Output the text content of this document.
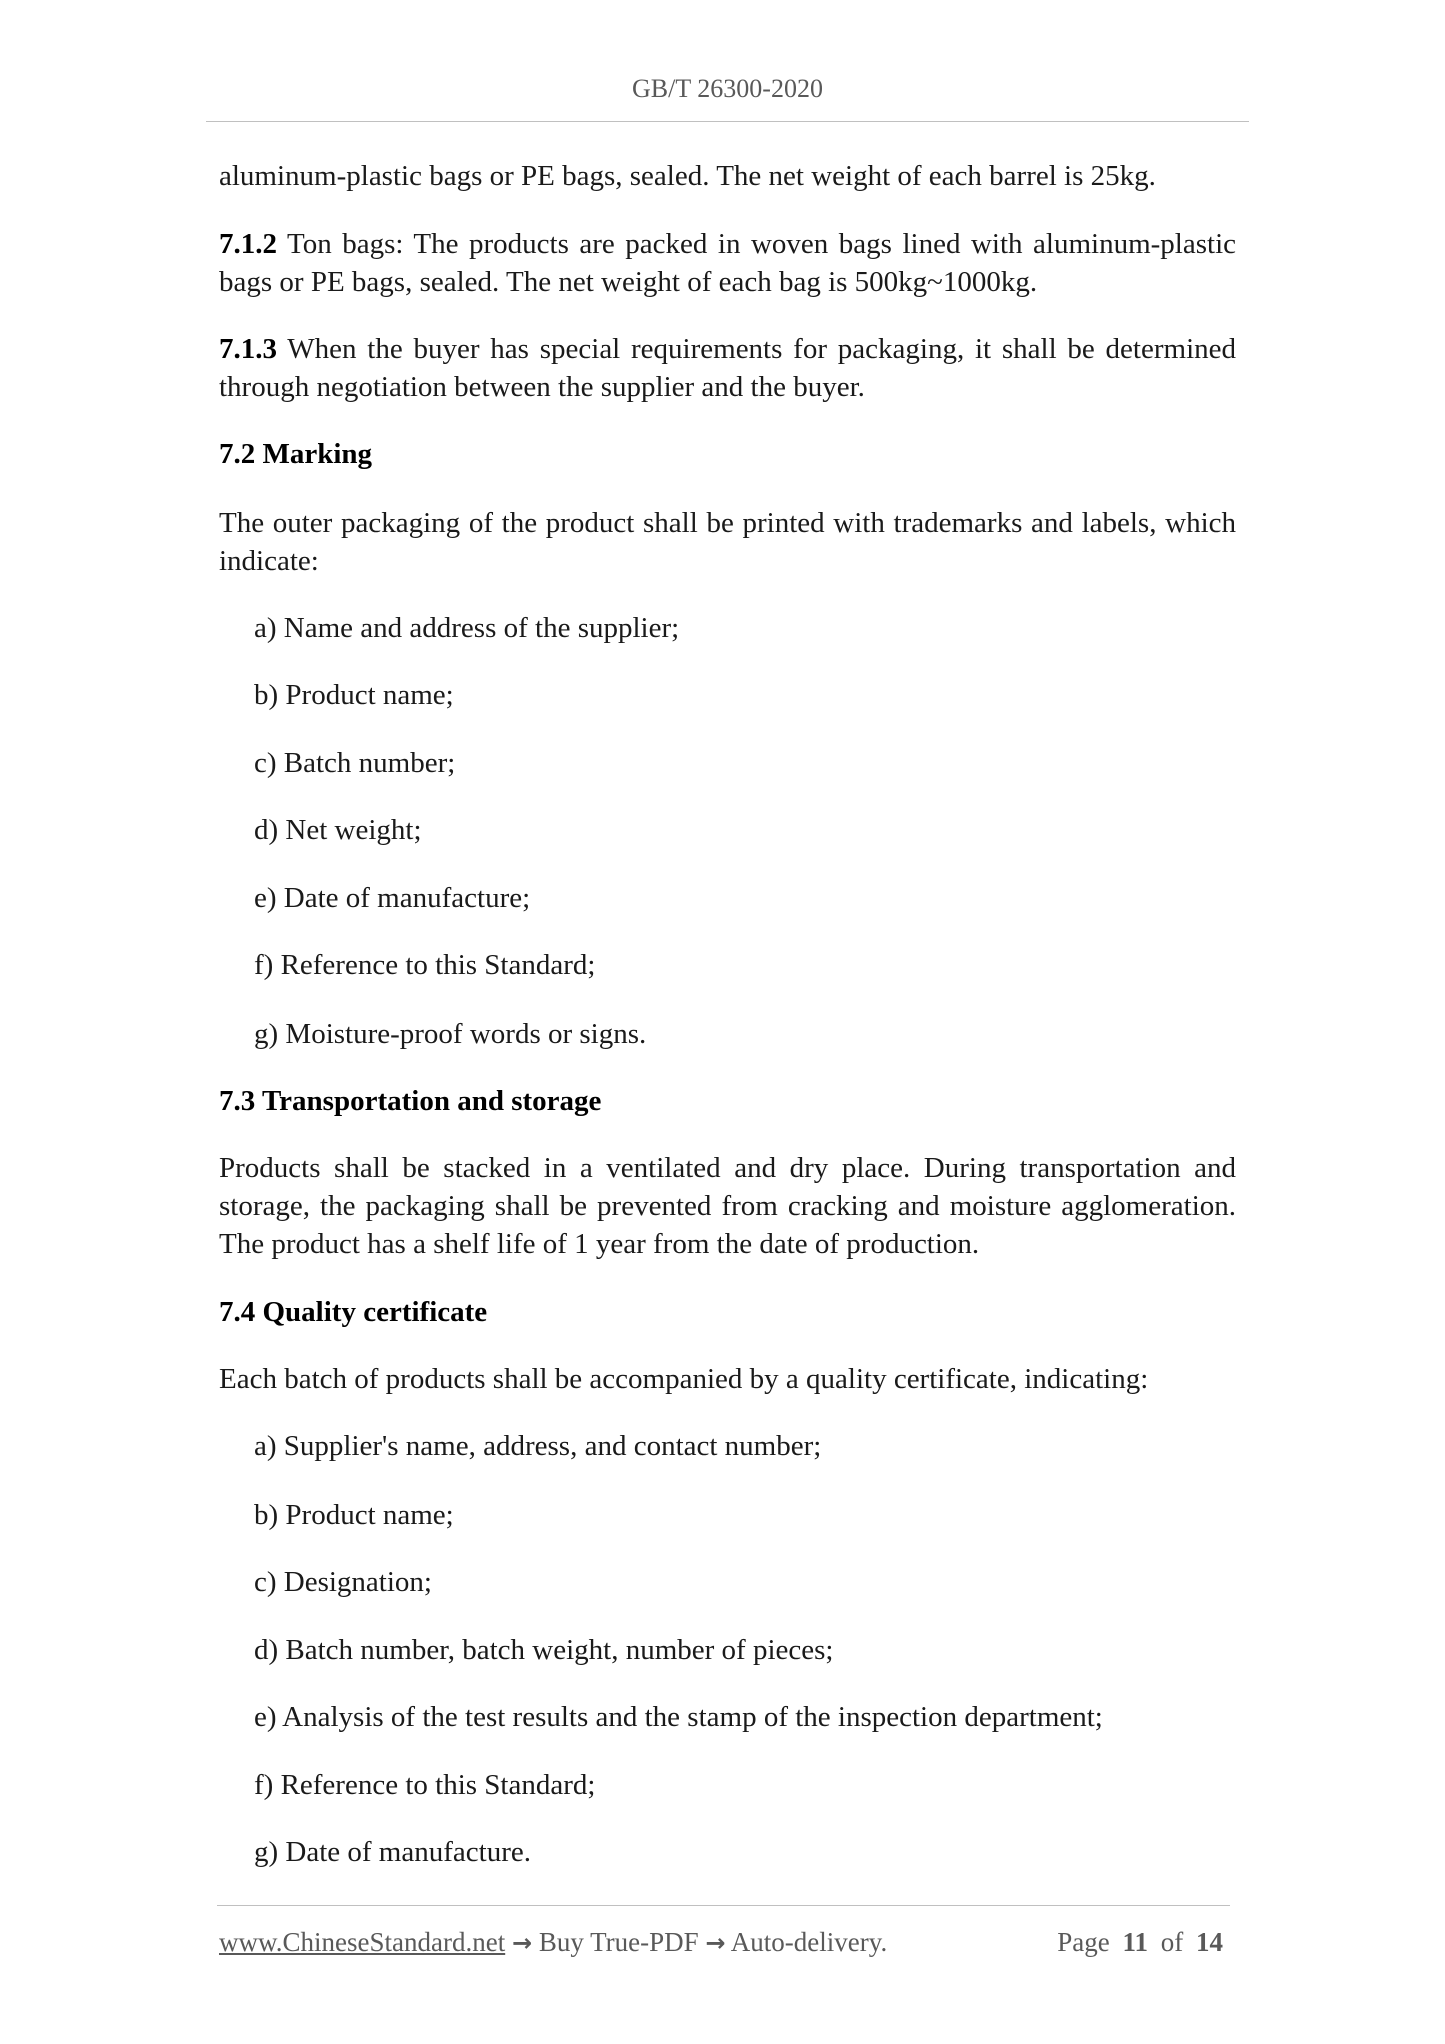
GB/T 26300-2020
aluminum-plastic bags or PE bags, sealed. The net weight of each barrel is 25kg.
7.1.2 Ton bags: The products are packed in woven bags lined with aluminum-plastic
bags or PE bags, sealed. The net weight of each bag is 500kg~1000kg.
7.1.3 When the buyer has special requirements for packaging, it shall be determined
through negotiation between the supplier and the buyer.
7.2 Marking
The outer packaging of the product shall be printed with trademarks and labels, which
indicate:
a) Name and address of the supplier;
b) Product name;
c) Batch number;
d) Net weight;
e) Date of manufacture;
f) Reference to this Standard;
g) Moisture-proof words or signs.
7.3 Transportation and storage
Products shall be stacked in a ventilated and dry place. During transportation and
storage, the packaging shall be prevented from cracking and moisture agglomeration.
The product has a shelf life of 1 year from the date of production.
7.4 Quality certificate
Each batch of products shall be accompanied by a quality certificate, indicating:
a) Supplier's name, address, and contact number;
b) Product name;
c) Designation;
d) Batch number, batch weight, number of pieces;
e) Analysis of the test results and the stamp of the inspection department;
f) Reference to this Standard;
g) Date of manufacture.
www.ChineseStandard.net → Buy True-PDF → Auto-delivery.	Page 11 of 14
